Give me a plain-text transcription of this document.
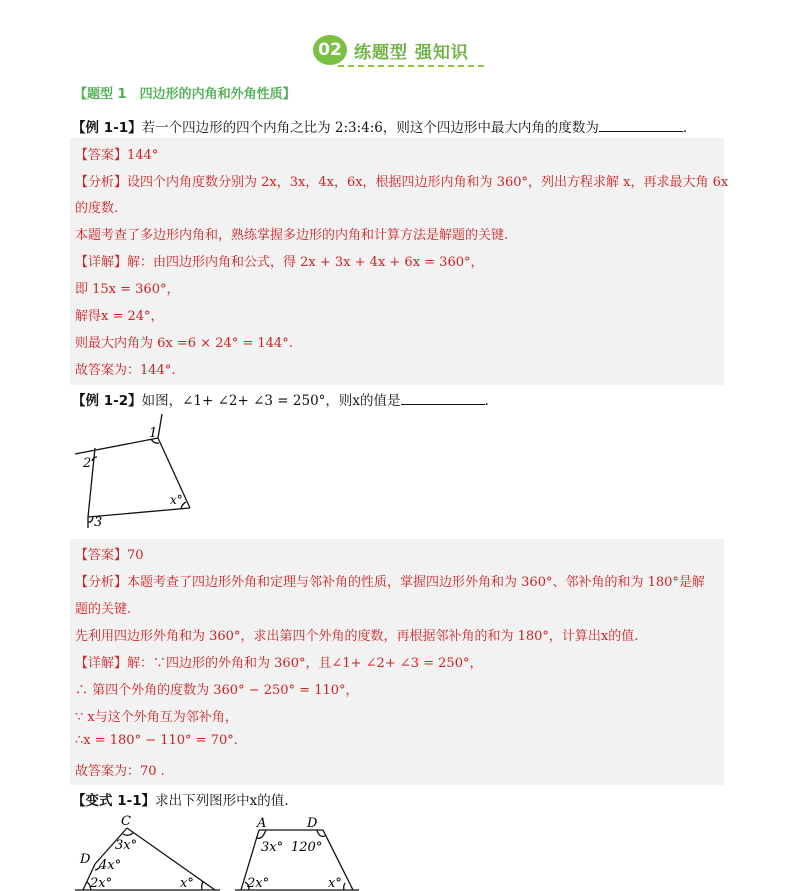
02 练题型 强知识
【题型 1　四边形的内角和外角性质】
【例 1-1】若一个四边形的四个内角之比为 2:3:4:6，则这个四边形中最大内角的度数为	.
【答案】144°
【分析】设四个内角度数分别为 2x，3x，4x，6x，根据四边形内角和为 360°，列出方程求解 x，再求最大角 6x
的度数.
本题考查了多边形内角和，熟练掌握多边形的内角和计算方法是解题的关键.
【详解】解：由四边形内角和公式，得 2x + 3x + 4x + 6x = 360°，
即 15x = 360°，
解得x = 24°，
则最大内角为 6x =6 × 24° = 144°.
故答案为：144°.
【例 1-2】如图，∠1+ ∠2+ ∠3 = 250°，则x的值是	.
1
2
3
x°
【答案】70
【分析】本题考查了四边形外角和定理与邻补角的性质，掌握四边形外角和为 360°、邻补角的和为 180°是解
题的关键.
先利用四边形外角和为 360°，求出第四个外角的度数，再根据邻补角的和为 180°，计算出x的值.
【详解】解：∵四边形的外角和为 360°，且∠1+ ∠2+ ∠3 = 250°，
∴ 第四个外角的度数为 360° − 250° = 110°，
∵ x与这个外角互为邻补角，
∴x = 180° − 110° = 70°.
故答案为：70 .
【变式 1-1】求出下列图形中x的值.
C
D
3x°
4x°
2x°	x°
A	D
3x° 120°
2x°	x°
